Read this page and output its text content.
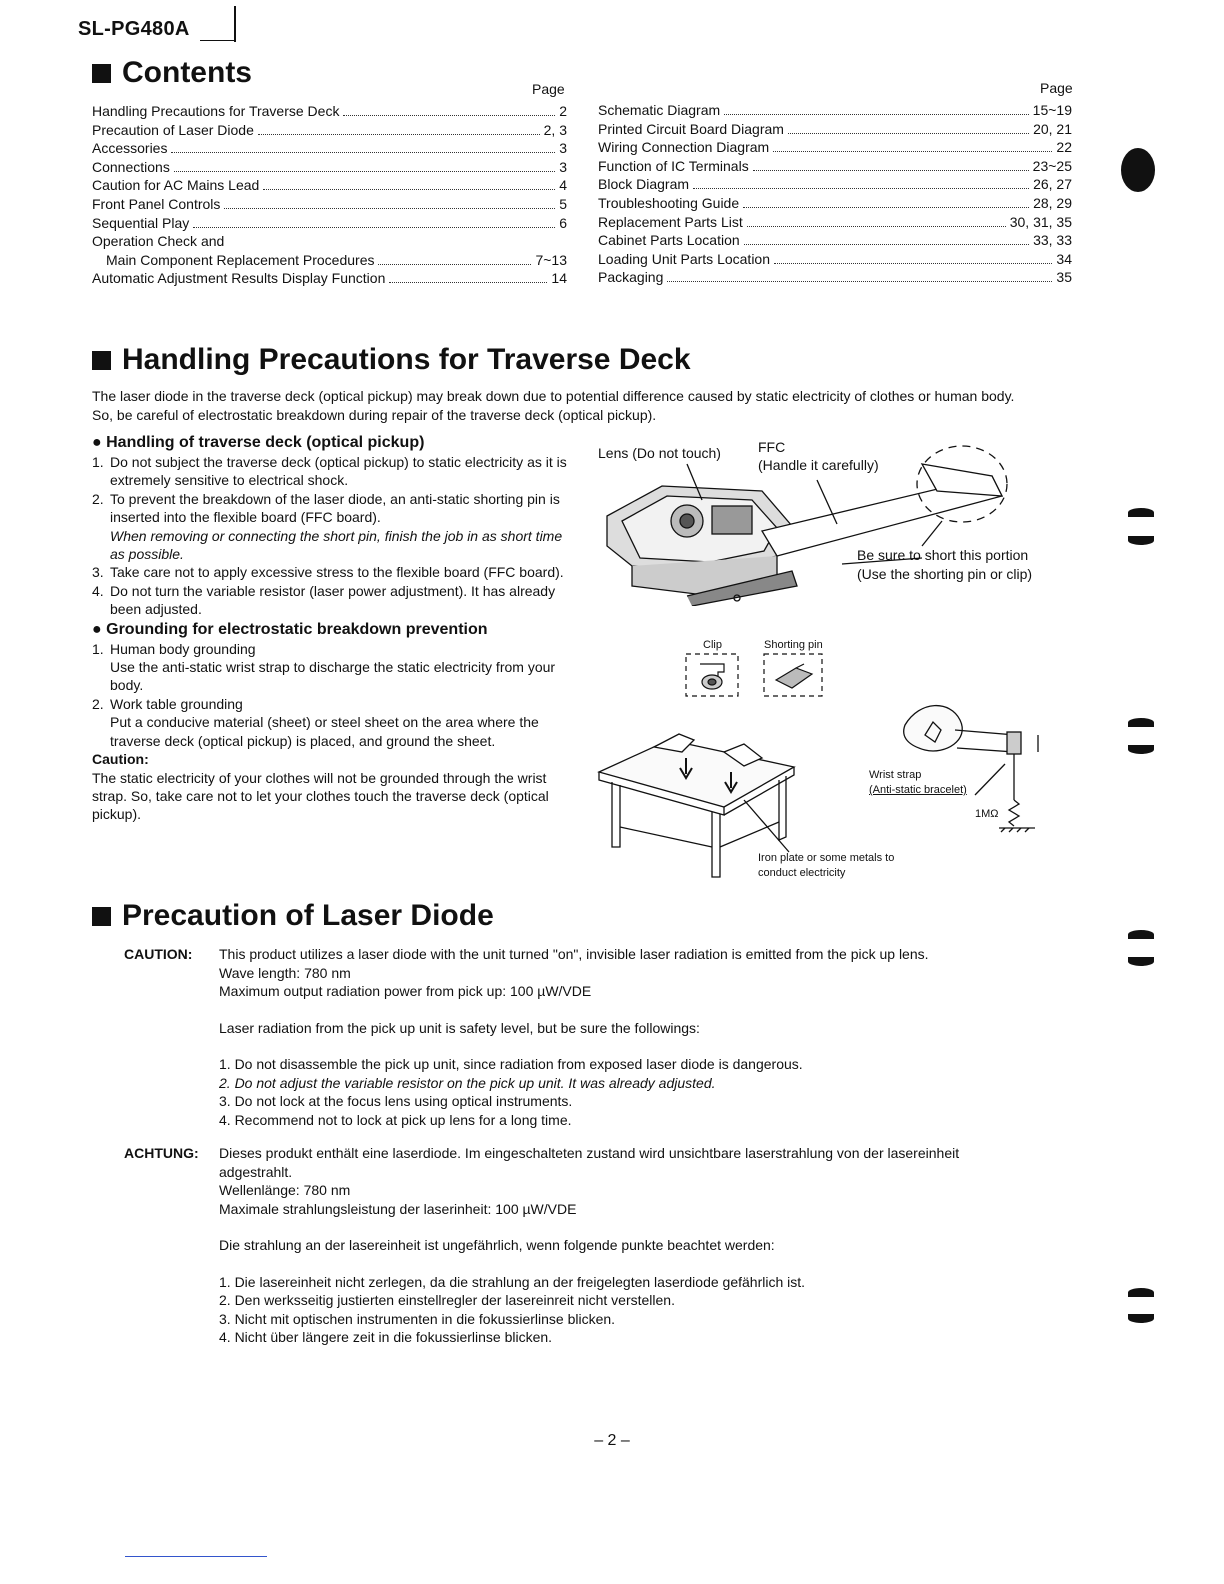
SL-PG480A
Contents	Page	Page
Handling Precautions for Traverse Deck	2
Precaution of Laser Diode	2, 3
Accessories	3
Connections	3
Caution for AC Mains Lead	4
Front Panel Controls	5
Sequential Play	6
Operation Check and
Main Component Replacement Procedures	7~13
Automatic Adjustment Results Display Function	14
Schematic Diagram	15~19
Printed Circuit Board Diagram	20, 21
Wiring Connection Diagram	22
Function of IC Terminals	23~25
Block Diagram	26, 27
Troubleshooting Guide	28, 29
Replacement Parts List	30, 31, 35
Cabinet Parts Location	33, 33
Loading Unit Parts Location	34
Packaging	35
Handling Precautions for Traverse Deck
The laser diode in the traverse deck (optical pickup) may break down due to potential difference caused by static electricity of clothes or human body.
So, be careful of electrostatic breakdown during repair of the traverse deck (optical pickup).
● Handling of traverse deck (optical pickup)
1. Do not subject the traverse deck (optical pickup) to static electricity as it is extremely sensitive to electrical shock.
2. To prevent the breakdown of the laser diode, an anti-static shorting pin is inserted into the flexible board (FFC board).
When removing or connecting the short pin, finish the job in as short time as possible.
3. Take care not to apply excessive stress to the flexible board (FFC board).
4. Do not turn the variable resistor (laser power adjustment). It has already been adjusted.
● Grounding for electrostatic breakdown prevention
1. Human body grounding
Use the anti-static wrist strap to discharge the static electricity from your body.
2. Work table grounding
Put a conducive material (sheet) or steel sheet on the area where the traverse deck (optical pickup) is placed, and ground the sheet.
Caution:
The static electricity of your clothes will not be grounded through the wrist strap. So, take care not to let your clothes touch the traverse deck (optical pickup).
Lens (Do not touch)	FFC
(Handle it carefully)
Be sure to short this portion
(Use the shorting pin or clip)
Clip	Shorting pin
Iron plate or some metals to
conduct electricity
Wrist strap
(Anti-static bracelet)
1MΩ
Precaution of Laser Diode
CAUTION: This product utilizes a laser diode with the unit turned "on", invisible laser radiation is emitted from the pick up lens.
Wave length: 780 nm
Maximum output radiation power from pick up: 100 µW/VDE
Laser radiation from the pick up unit is safety level, but be sure the followings:
1. Do not disassemble the pick up unit, since radiation from exposed laser diode is dangerous.
2. Do not adjust the variable resistor on the pick up unit. It was already adjusted.
3. Do not lock at the focus lens using optical instruments.
4. Recommend not to lock at pick up lens for a long time.
ACHTUNG: Dieses produkt enthält eine laserdiode. Im eingeschalteten zustand wird unsichtbare laserstrahlung von der lasereinheit adgestrahlt.
Wellenlänge: 780 nm
Maximale strahlungsleistung der laserinheit: 100 µW/VDE
Die strahlung an der lasereinheit ist ungefährlich, wenn folgende punkte beachtet werden:
1. Die lasereinheit nicht zerlegen, da die strahlung an der freigelegten laserdiode gefährlich ist.
2. Den werksseitig justierten einstellregler der lasereinreit nicht verstellen.
3. Nicht mit optischen instrumenten in die fokussierlinse blicken.
4. Nicht über längere zeit in die fokussierlinse blicken.
– 2 –
